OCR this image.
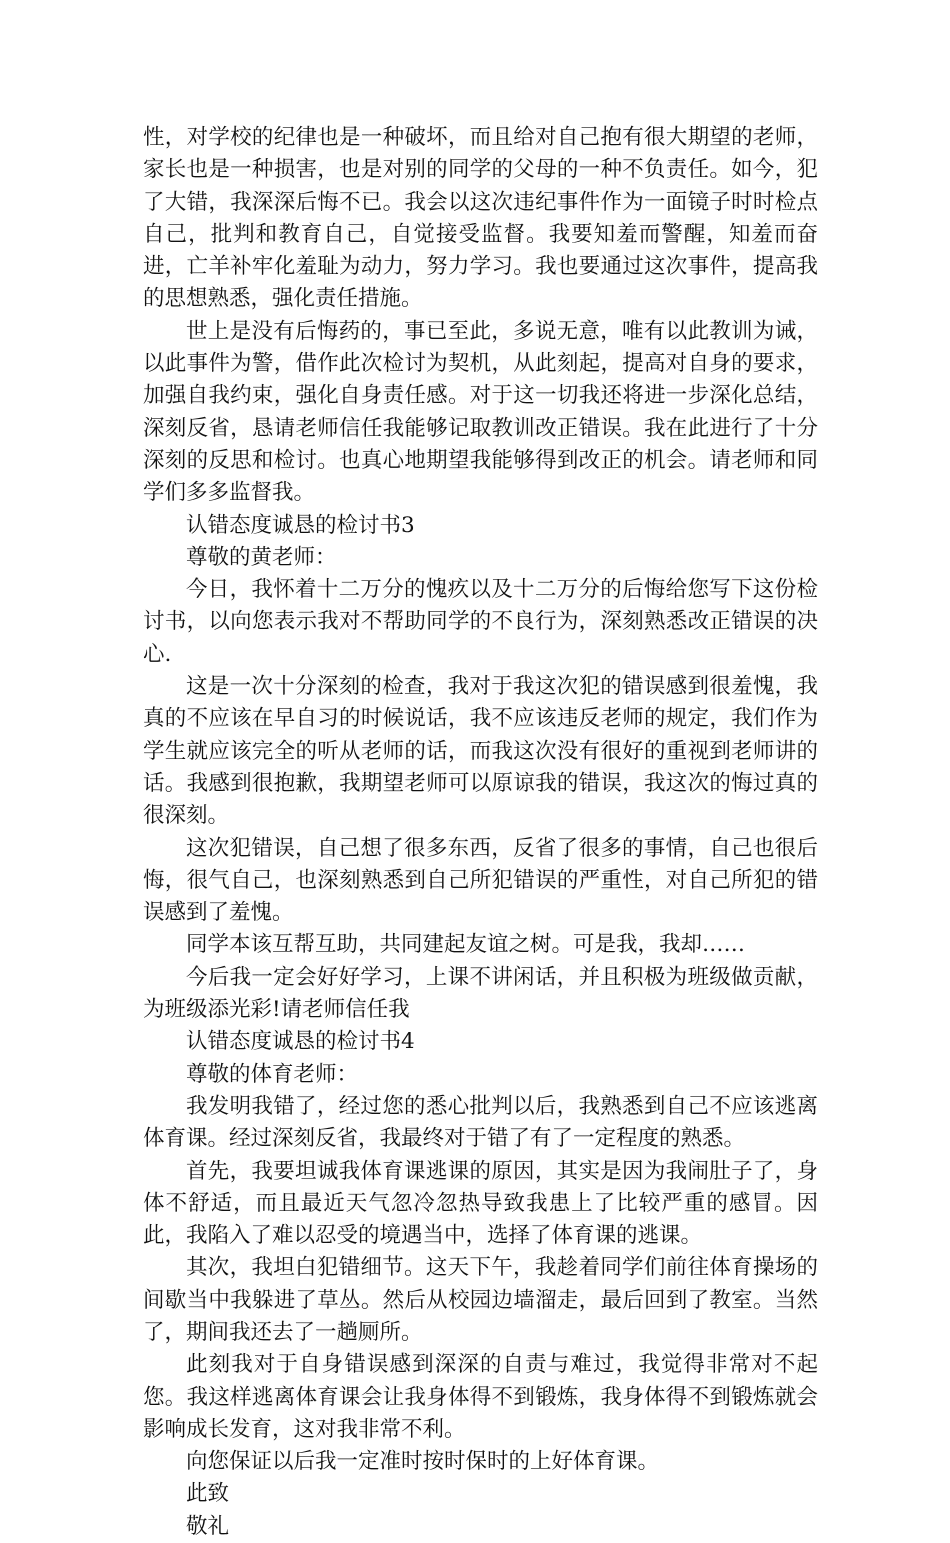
性，对学校的纪律也是一种破坏，而且给对自己抱有很大期望的老师，家长也是一种损害，也是对别的同学的父母的一种不负责任。如今，犯了大错，我深深后悔不已。我会以这次违纪事件作为一面镜子时时检点自己，批判和教育自己，自觉接受监督。我要知羞而警醒，知羞而奋进，亡羊补牢化羞耻为动力，努力学习。我也要通过这次事件，提高我的思想熟悉，强化责任措施。

世上是没有后悔药的，事已至此，多说无意，唯有以此教训为诫，以此事件为警，借作此次检讨为契机，从此刻起，提高对自身的要求，加强自我约束，强化自身责任感。对于这一切我还将进一步深化总结，深刻反省，恳请老师信任我能够记取教训改正错误。我在此进行了十分深刻的反思和检讨。也真心地期望我能够得到改正的机会。请老师和同学们多多监督我。

认错态度诚恳的检讨书3

尊敬的黄老师：

今日，我怀着十二万分的愧疚以及十二万分的后悔给您写下这份检讨书，以向您表示我对不帮助同学的不良行为，深刻熟悉改正错误的决心.

这是一次十分深刻的检查，我对于我这次犯的错误感到很羞愧，我真的不应该在早自习的时候说话，我不应该违反老师的规定，我们作为学生就应该完全的听从老师的话，而我这次没有很好的重视到老师讲的话。我感到很抱歉，我期望老师可以原谅我的错误，我这次的悔过真的很深刻。

这次犯错误，自己想了很多东西，反省了很多的事情，自己也很后悔，很气自己，也深刻熟悉到自己所犯错误的严重性，对自己所犯的错误感到了羞愧。

同学本该互帮互助，共同建起友谊之树。可是我，我却……

今后我一定会好好学习，上课不讲闲话，并且积极为班级做贡献，为班级添光彩!请老师信任我

认错态度诚恳的检讨书4

尊敬的体育老师：

我发明我错了，经过您的悉心批判以后，我熟悉到自己不应该逃离体育课。经过深刻反省，我最终对于错了有了一定程度的熟悉。

首先，我要坦诚我体育课逃课的原因，其实是因为我闹肚子了，身体不舒适，而且最近天气忽冷忽热导致我患上了比较严重的感冒。因此，我陷入了难以忍受的境遇当中，选择了体育课的逃课。

其次，我坦白犯错细节。这天下午，我趁着同学们前往体育操场的间歇当中我躲进了草丛。然后从校园边墙溜走，最后回到了教室。当然了，期间我还去了一趟厕所。

此刻我对于自身错误感到深深的自责与难过，我觉得非常对不起您。我这样逃离体育课会让我身体得不到锻炼，我身体得不到锻炼就会影响成长发育，这对我非常不利。

向您保证以后我一定准时按时保时的上好体育课。

此致

敬礼
